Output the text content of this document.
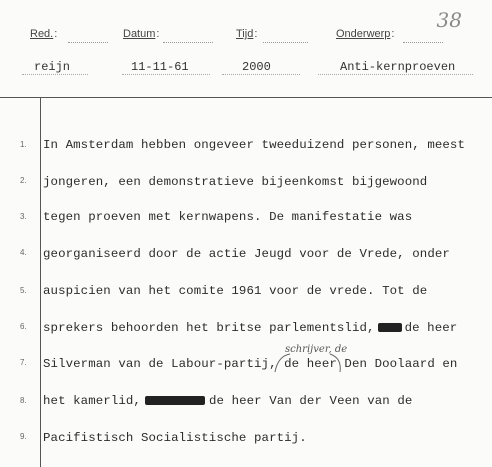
Red.:	Datum:	Tijd:	Onderwerp:
38
reijn	11-11-61	2000	Anti-kernproeven
1.
2.
3.
4.
5.
6.
7.
8.
9.
In Amsterdam hebben ongeveer tweeduizend personen, meest
jongeren, een demonstratieve bijeenkomst bijgewoond
tegen proeven met kernwapens. De manifestatie was
georganiseerd door de actie Jeugd voor de Vrede, onder
auspicien van het comite 1961 voor de vrede. Tot de
sprekers behoorden het britse parlementslid, de heer
Silverman van de Labour-partij, de heer Den Doolaard en
het kamerlid,	de heer Van der Veen van de
Pacifistisch Socialistische partij.
schrijver, de
